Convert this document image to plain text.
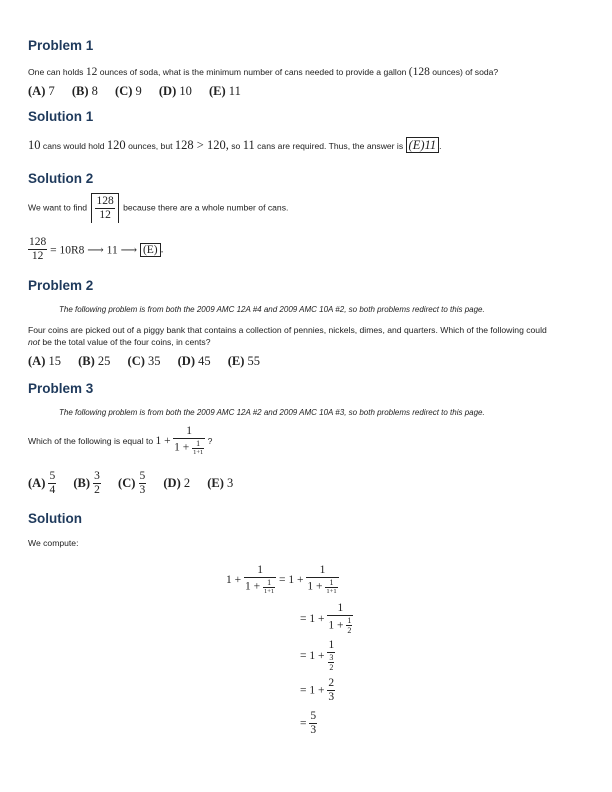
Problem 1
One can holds 12 ounces of soda, what is the minimum number of cans needed to provide a gallon (128 ounces) of soda?
(A) 7 (B) 8 (C) 9 (D) 10 (E) 11
Solution 1
10 cans would hold 120 ounces, but 128 > 120, so 11 cans are required. Thus, the answer is (E)11 .
Solution 2
We want to find $\frac{128}{12}$ because there are a whole number of cans.
$\frac{128}{12} = 10R8$ ⟶ 11 ⟶ (E) .
Problem 2
The following problem is from both the 2009 AMC 12A #4 and 2009 AMC 10A #2, so both problems redirect to this page.
Four coins are picked out of a piggy bank that contains a collection of pennies, nickels, dimes, and quarters. Which of the following could
not be the total value of the four coins, in cents?
(A) 15 (B) 25 (C) 35 (D) 45 (E) 55
Problem 3
The following problem is from both the 2009 AMC 12A #2 and 2009 AMC 10A #3, so both problems redirect to this page.
Which of the following is equal to $1 + \frac{1}{1 + \frac{1}{1+1}}$ ?
$(A) \frac{5}{4} (B) \frac{3}{2} (C) \frac{5}{3} (D)$ 2 (E) 3
Solution
We compute:
$1 + \frac{1}{1 + \frac{1}{1+1}} = 1 + \frac{1}{1 + \frac{1}{1+1}}$
= $1 + \frac{1}{1 + \frac{1}{2}}$
= 1 + 1
3
2
= $1 + \frac{2}{3}$
= $\frac{5}{3}$
